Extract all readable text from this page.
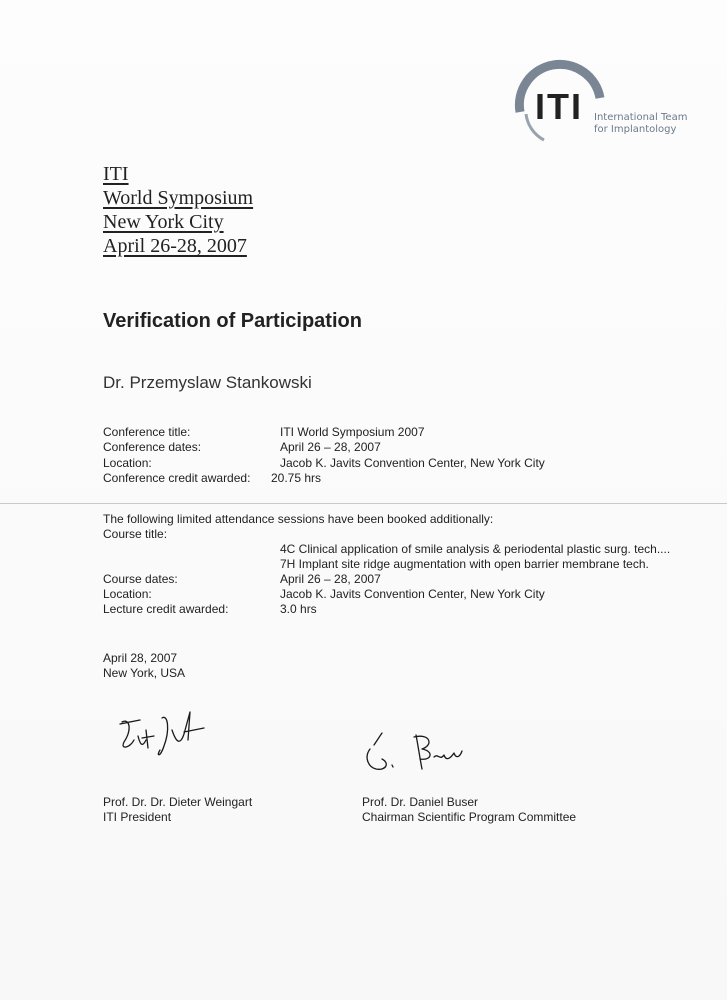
ITI International Team
for Implantology
ITI
World Symposium
New York City
April 26-28, 2007
Verification of Participation
Dr. Przemyslaw Stankowski
Conference title:	ITI World Symposium 2007
Conference dates:	April 26 – 28, 2007
Location:	Jacob K. Javits Convention Center, New York City
Conference credit awarded: 20.75 hrs
The following limited attendance sessions have been booked additionally:
Course title:
4C Clinical application of smile analysis & periodental plastic surg. tech....
7H Implant site ridge augmentation with open barrier membrane tech.
Course dates:	April 26 – 28, 2007
Location:	Jacob K. Javits Convention Center, New York City
Lecture credit awarded:	3.0 hrs
April 28, 2007
New York, USA
Prof. Dr. Dr. Dieter Weingart
ITI President
Prof. Dr. Daniel Buser
Chairman Scientific Program Committee
